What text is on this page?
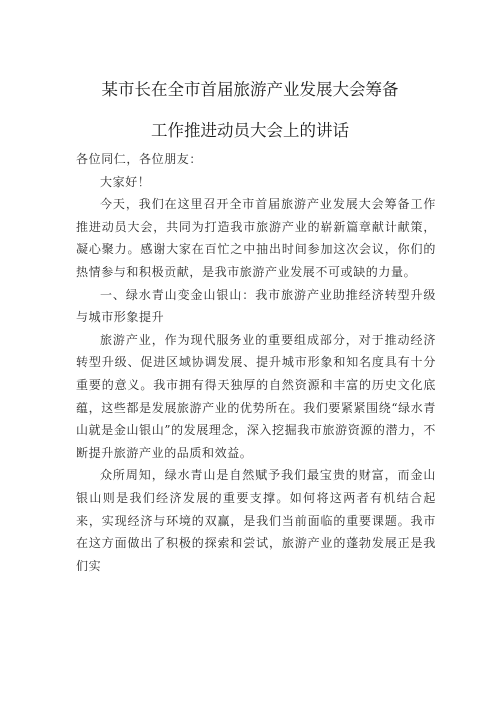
某市长在全市首届旅游产业发展大会筹备
工作推进动员大会上的讲话

各位同仁，各位朋友：

大家好！

今天，我们在这里召开全市首届旅游产业发展大会筹备工作推进动员大会，共同为打造我市旅游产业的崭新篇章献计献策，凝心聚力。感谢大家在百忙之中抽出时间参加这次会议，你们的热情参与和积极贡献，是我市旅游产业发展不可或缺的力量。

一、绿水青山变金山银山：我市旅游产业助推经济转型升级与城市形象提升

旅游产业，作为现代服务业的重要组成部分，对于推动经济转型升级、促进区域协调发展、提升城市形象和知名度具有十分重要的意义。我市拥有得天独厚的自然资源和丰富的历史文化底蕴，这些都是发展旅游产业的优势所在。我们要紧紧围绕“绿水青山就是金山银山”的发展理念，深入挖掘我市旅游资源的潜力，不断提升旅游产业的品质和效益。

众所周知，绿水青山是自然赋予我们最宝贵的财富，而金山银山则是我们经济发展的重要支撑。如何将这两者有机结合起来，实现经济与环境的双赢，是我们当前面临的重要课题。我市在这方面做出了积极的探索和尝试，旅游产业的蓬勃发展正是我们实
